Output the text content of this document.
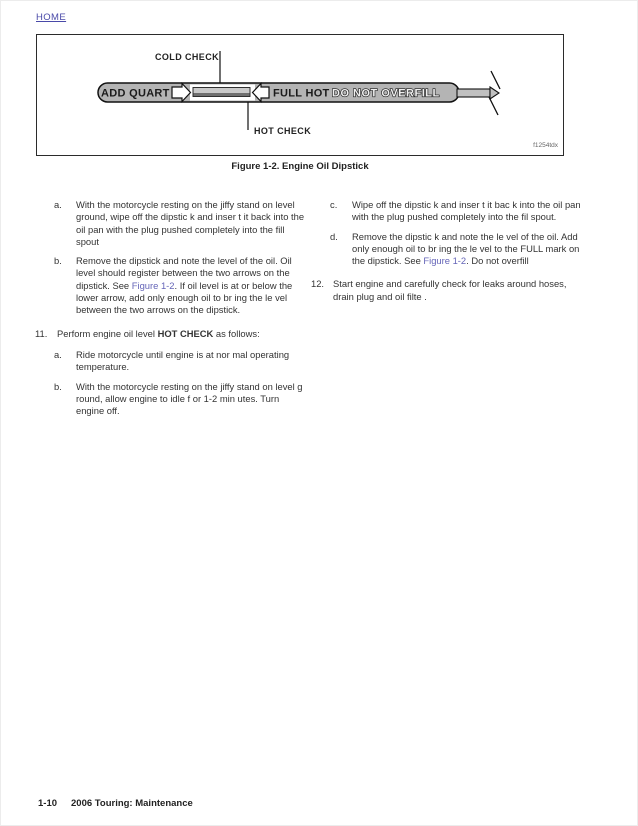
HOME
COLD CHECK
ADD QUART	FULL HOT DO NOT OVERFILL
HOT CHECK
f1254tdx
Figure 1-2. Engine Oil Dipstick
a.	With the motorcycle resting on the jiffy stand on level ground, wipe off the dipstic k and inser t it back into the oil pan with the plug pushed completely into the fill spout
b.	Remove the dipstick and note the level of the oil. Oil level should register between the two arrows on the dipstick. See Figure 1-2. If oil level is at or below the lower arrow, add only enough oil to br ing the le vel between the two arrows on the dipstick.
11.	Perform engine oil level HOT CHECK as follows:
a.	Ride motorcycle until engine is at nor mal operating temperature.
b.	With the motorcycle resting on the jiffy stand on level g round, allow engine to idle f or 1-2 min utes. Turn engine off.
c.	Wipe off the dipstic k and inser t it bac k into the oil pan with the plug pushed completely into the fil spout.
d.	Remove the dipstic k and note the le vel of the oil. Add only enough oil to br ing the le vel to the FULL mark on the dipstick. See Figure 1-2. Do not overfill
12. Start engine and carefully check for leaks around hoses, drain plug and oil filte .
1-10 2006 Touring: Maintenance
